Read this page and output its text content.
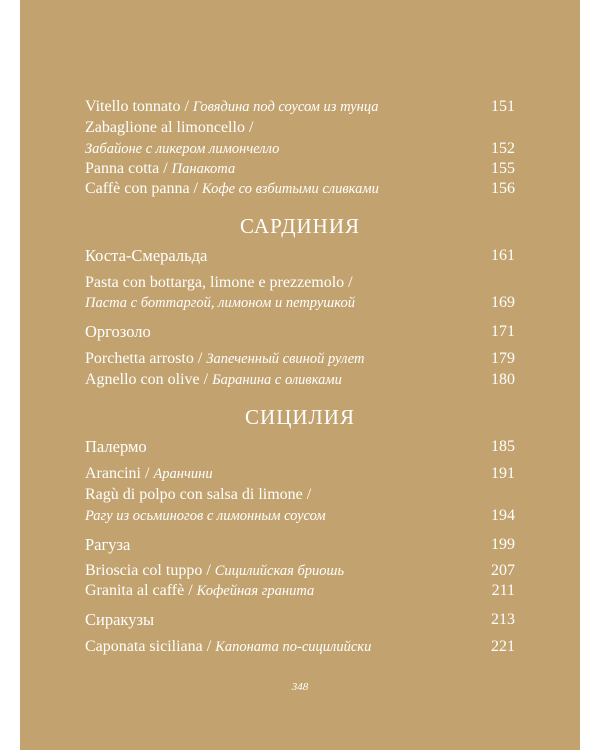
Vitello tonnato / Говядина под соусом из тунца	151
Zabaglione al limoncello /
Забайоне с ликером лимончелло	152
Panna cotta / Панакота	155
Caffè con panna / Кофе со взбитыми сливками	156
САРДИНИЯ
Коста-Смеральда	161
Pasta con bottarga, limone e prezzemolo /
Паста с боттаргой, лимоном и петрушкой	169
Оргозоло	171
Porchetta arrosto / Запеченный свиной рулет	179
Agnello con olive / Баранина с оливками	180
СИЦИЛИЯ
Палермо	185
Arancini / Аранчини	191
Ragù di polpo con salsa di limone /
Рагу из осьминогов с лимонным соусом	194
Рагуза	199
Brioscia col tuppo / Сицилийская бриошь	207
Granita al caffè / Кофейная гранита	211
Сиракузы	213
Caponata siciliana / Капоната по-сицилийски	221
348
